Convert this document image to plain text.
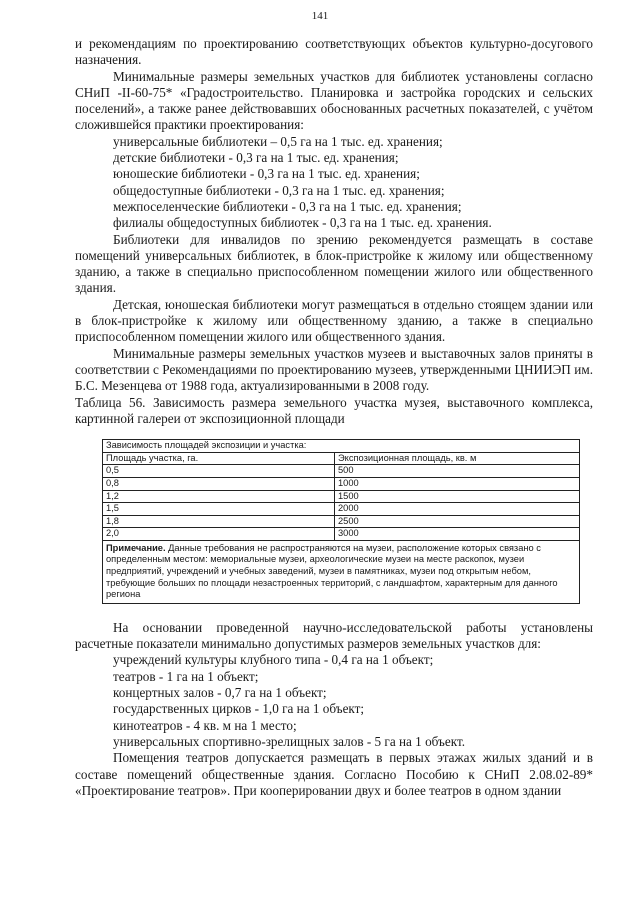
141

и рекомендациям по проектированию соответствующих объектов культурно-досугового назначения.

Минимальные размеры земельных участков для библиотек установлены согласно СНиП -II-60-75* «Градостроительство. Планировка и застройка городских и сельских поселений», а также ранее действовавших обоснованных расчетных показателей, с учётом сложившейся практики проектирования:

универсальные библиотеки – 0,5 га на 1 тыс. ед. хранения;

детские библиотеки - 0,3 га на 1 тыс. ед. хранения;

юношеские библиотеки - 0,3 га на 1 тыс. ед. хранения;

общедоступные библиотеки - 0,3 га на 1 тыс. ед. хранения;

межпоселенческие библиотеки - 0,3 га на 1 тыс. ед. хранения;

филиалы общедоступных библиотек - 0,3 га на 1 тыс. ед. хранения.

Библиотеки для инвалидов по зрению рекомендуется размещать в составе помещений универсальных библиотек, в блок-пристройке к жилому или общественному зданию, а также в специально приспособленном помещении жилого или общественного здания.

Детская, юношеская библиотеки могут размещаться в отдельно стоящем здании или в блок-пристройке к жилому или общественному зданию, а также в специально приспособленном помещении жилого или общественного здания.

Минимальные размеры земельных участков музеев и выставочных залов приняты в соответствии с Рекомендациями по проектированию музеев, утвержденными ЦНИИЭП им. Б.С. Мезенцева от 1988 года, актуализированными в 2008 году.

Таблица 56. Зависимость размера земельного участка музея, выставочного комплекса, картинной галереи от экспозиционной площади

Зависимость площадей экспозиции и участка:	
Площадь участка, га.	Экспозиционная площадь, кв. м
0,5	500
0,8	1000
1,2	1500
1,5	2000
1,8	2500
2,0	3000
Примечание. Данные требования не распространяются на музеи, расположение которых связано с определенным местом: мемориальные музеи, археологические музеи на месте раскопок, музеи предприятий, учреждений и учебных заведений, музеи в памятниках, музеи под открытым небом, требующие больших по площади незастроенных территорий, с ландшафтом, характерным для данного региона	

На основании проведенной научно-исследовательской работы установлены расчетные показатели минимально допустимых размеров земельных участков для:

учреждений культуры клубного типа - 0,4 га на 1 объект;

театров - 1 га на 1 объект;

концертных залов - 0,7 га на 1 объект;

государственных цирков - 1,0 га на 1 объект;

кинотеатров - 4 кв. м на 1 место;

универсальных спортивно-зрелищных залов - 5 га на 1 объект.

Помещения театров допускается размещать в первых этажах жилых зданий и в составе помещений общественные здания. Согласно Пособию к СНиП 2.08.02-89* «Проектирование театров». При кооперировании двух и более театров в одном здании
